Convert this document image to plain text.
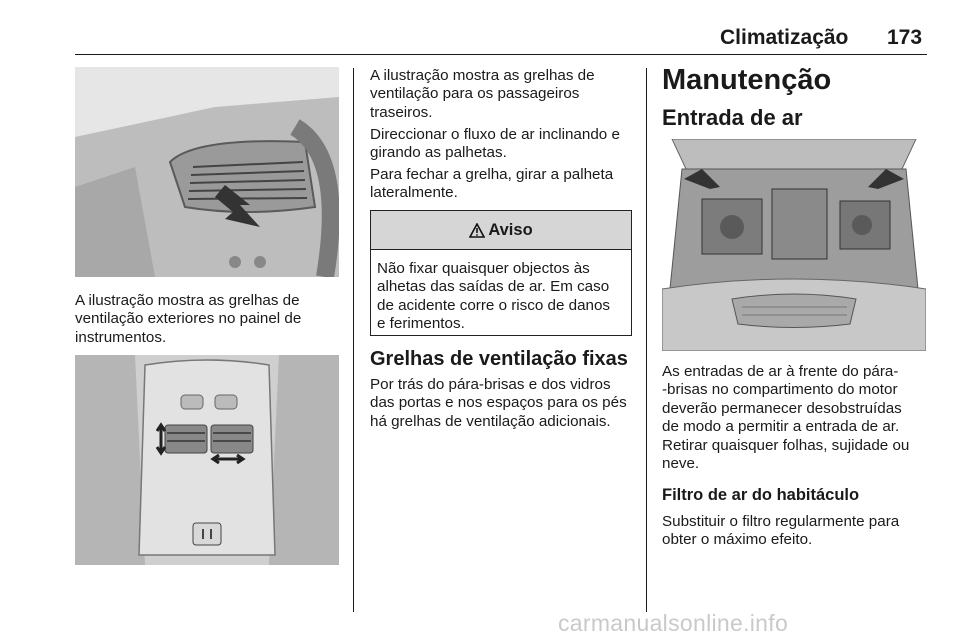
Climatização 173
A ilustração mostra as grelhas de
ventilação exteriores no painel de
instrumentos.
A ilustração mostra as grelhas de
ventilação para os passageiros
traseiros.
Direccionar o fluxo de ar inclinando e
girando as palhetas.
Para fechar a grelha, girar a palheta
lateralmente.
Aviso
Não fixar quaisquer objectos às
alhetas das saídas de ar. Em caso
de acidente corre o risco de danos
e ferimentos.
Grelhas de ventilação fixas
Por trás do pára-brisas e dos vidros
das portas e nos espaços para os pés
há grelhas de ventilação adicionais.
Manutenção
Entrada de ar
As entradas de ar à frente do pára-
-brisas no compartimento do motor
deverão permanecer desobstruídas
de modo a permitir a entrada de ar.
Retirar quaisquer folhas, sujidade ou
neve.
Filtro de ar do habitáculo
Substituir o filtro regularmente para
obter o máximo efeito.
carmanualsonline.info
